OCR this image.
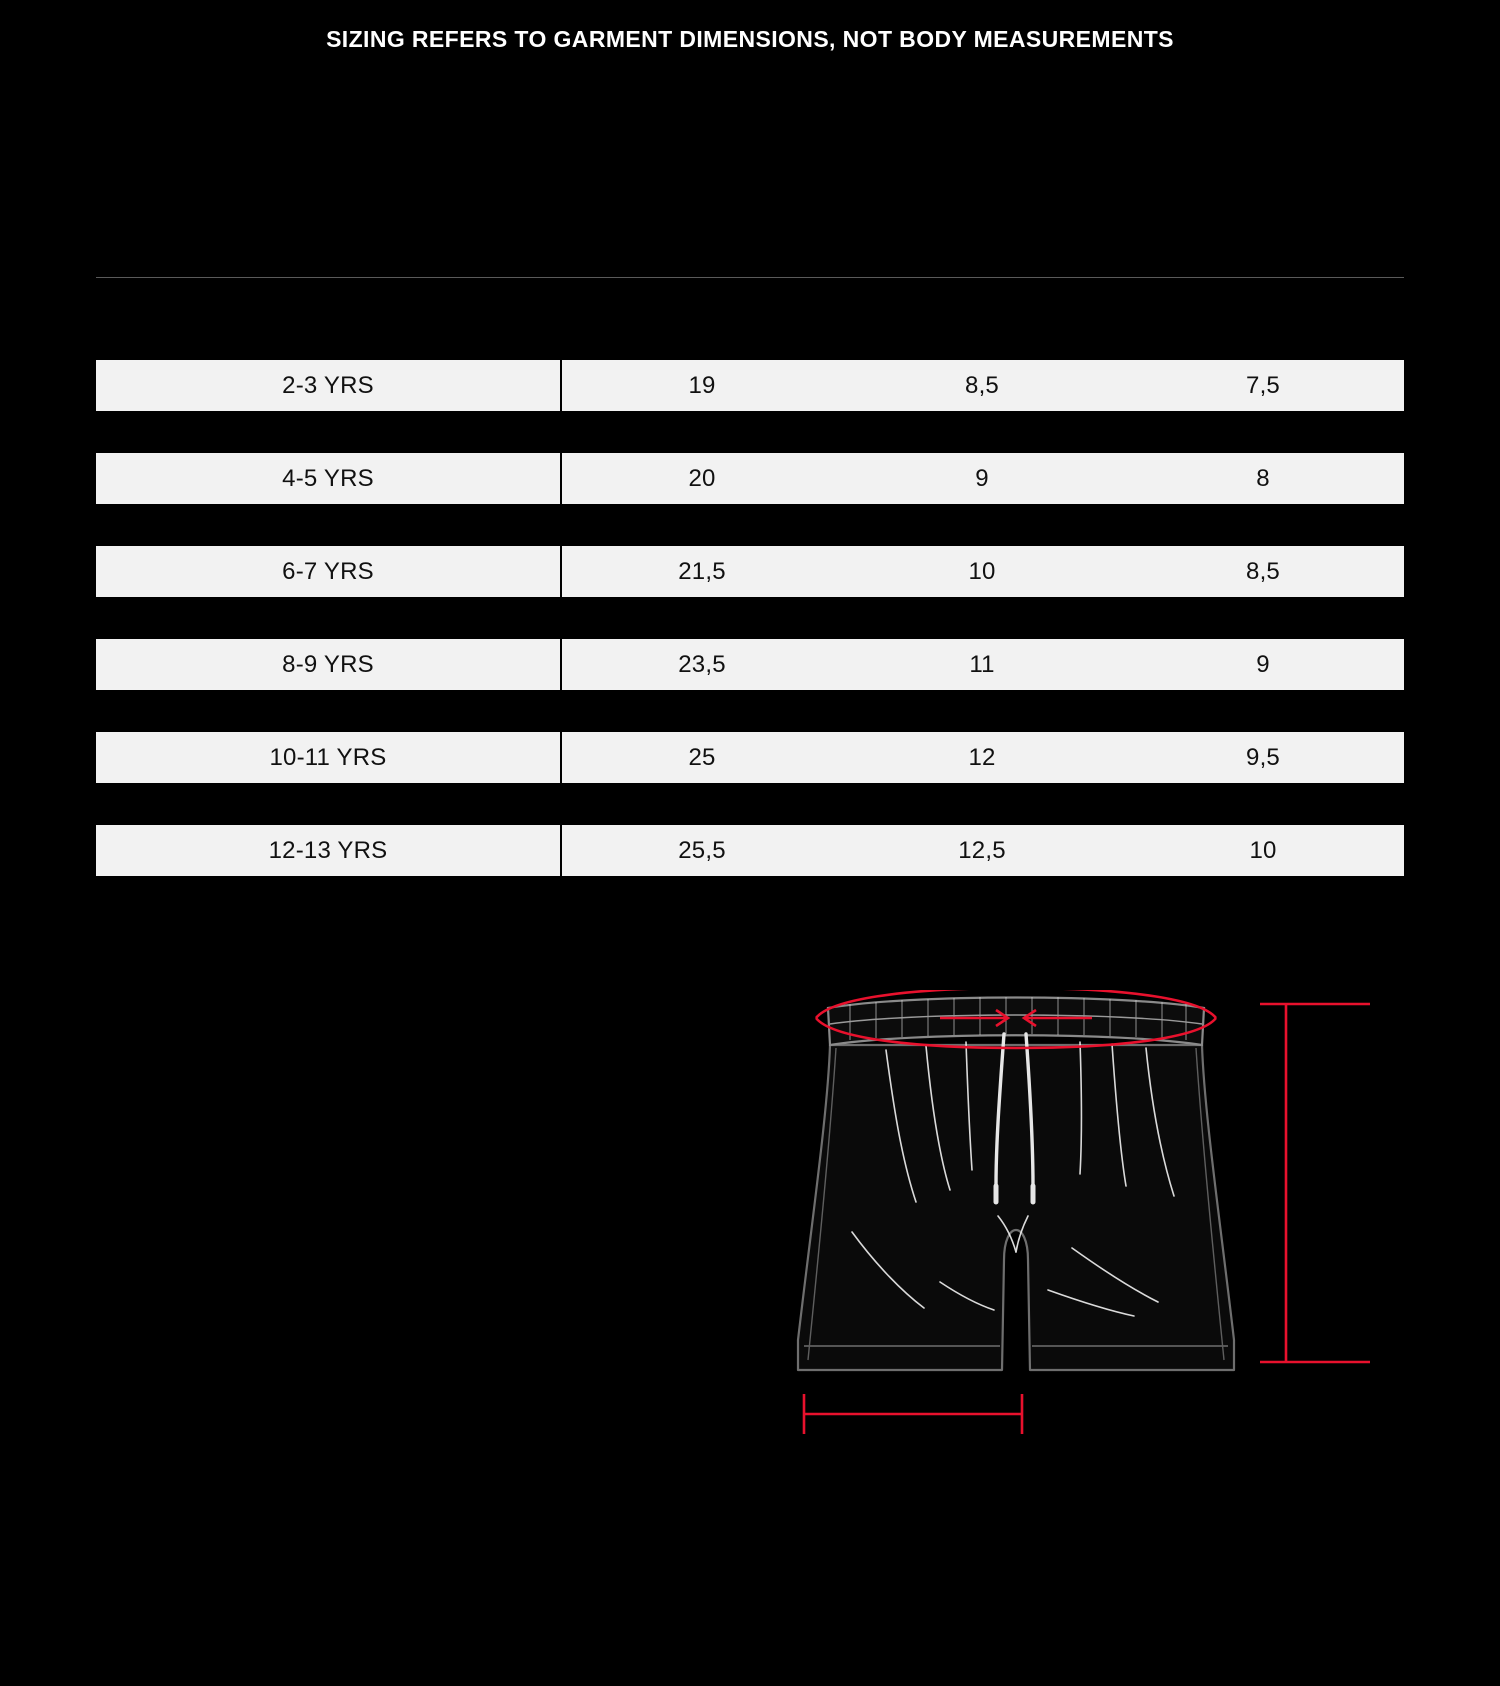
SIZING REFERS TO GARMENT DIMENSIONS, NOT BODY MEASUREMENTS
2-3 YRS	19	8,5	7,5
4-5 YRS	20	9	8
6-7 YRS	21,5	10	8,5
8-9 YRS	23,5	11	9
10-11 YRS	25	12	9,5
12-13 YRS	25,5	12,5	10
